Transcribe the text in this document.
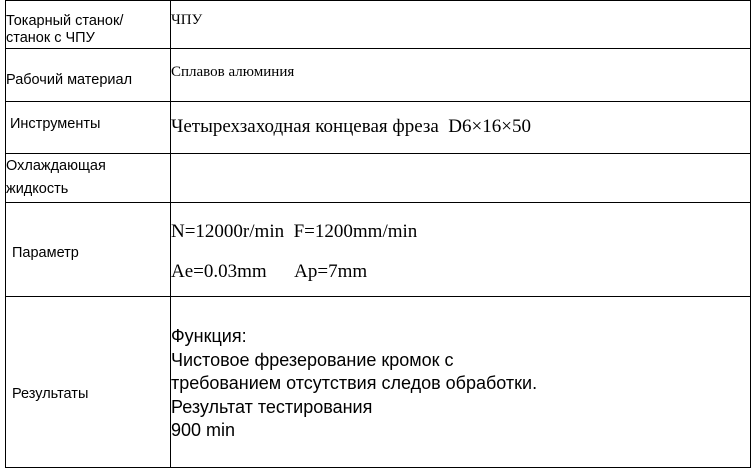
Токарный станок/
станок с ЧПУ	ЧПУ

Рабочий материал	Сплавов алюминия

Инструменты	Четырехзаходная концевая фреза  D6×16×50

Охлаждающая
жидкость	

Параметр	N=12000r/min  F=1200mm/min
Ae=0.03mm      Ap=7mm

Результаты	Функция:
Чистовое фрезерование кромок с
требованием отсутствия следов обработки.
Результат тестирования
900 min
